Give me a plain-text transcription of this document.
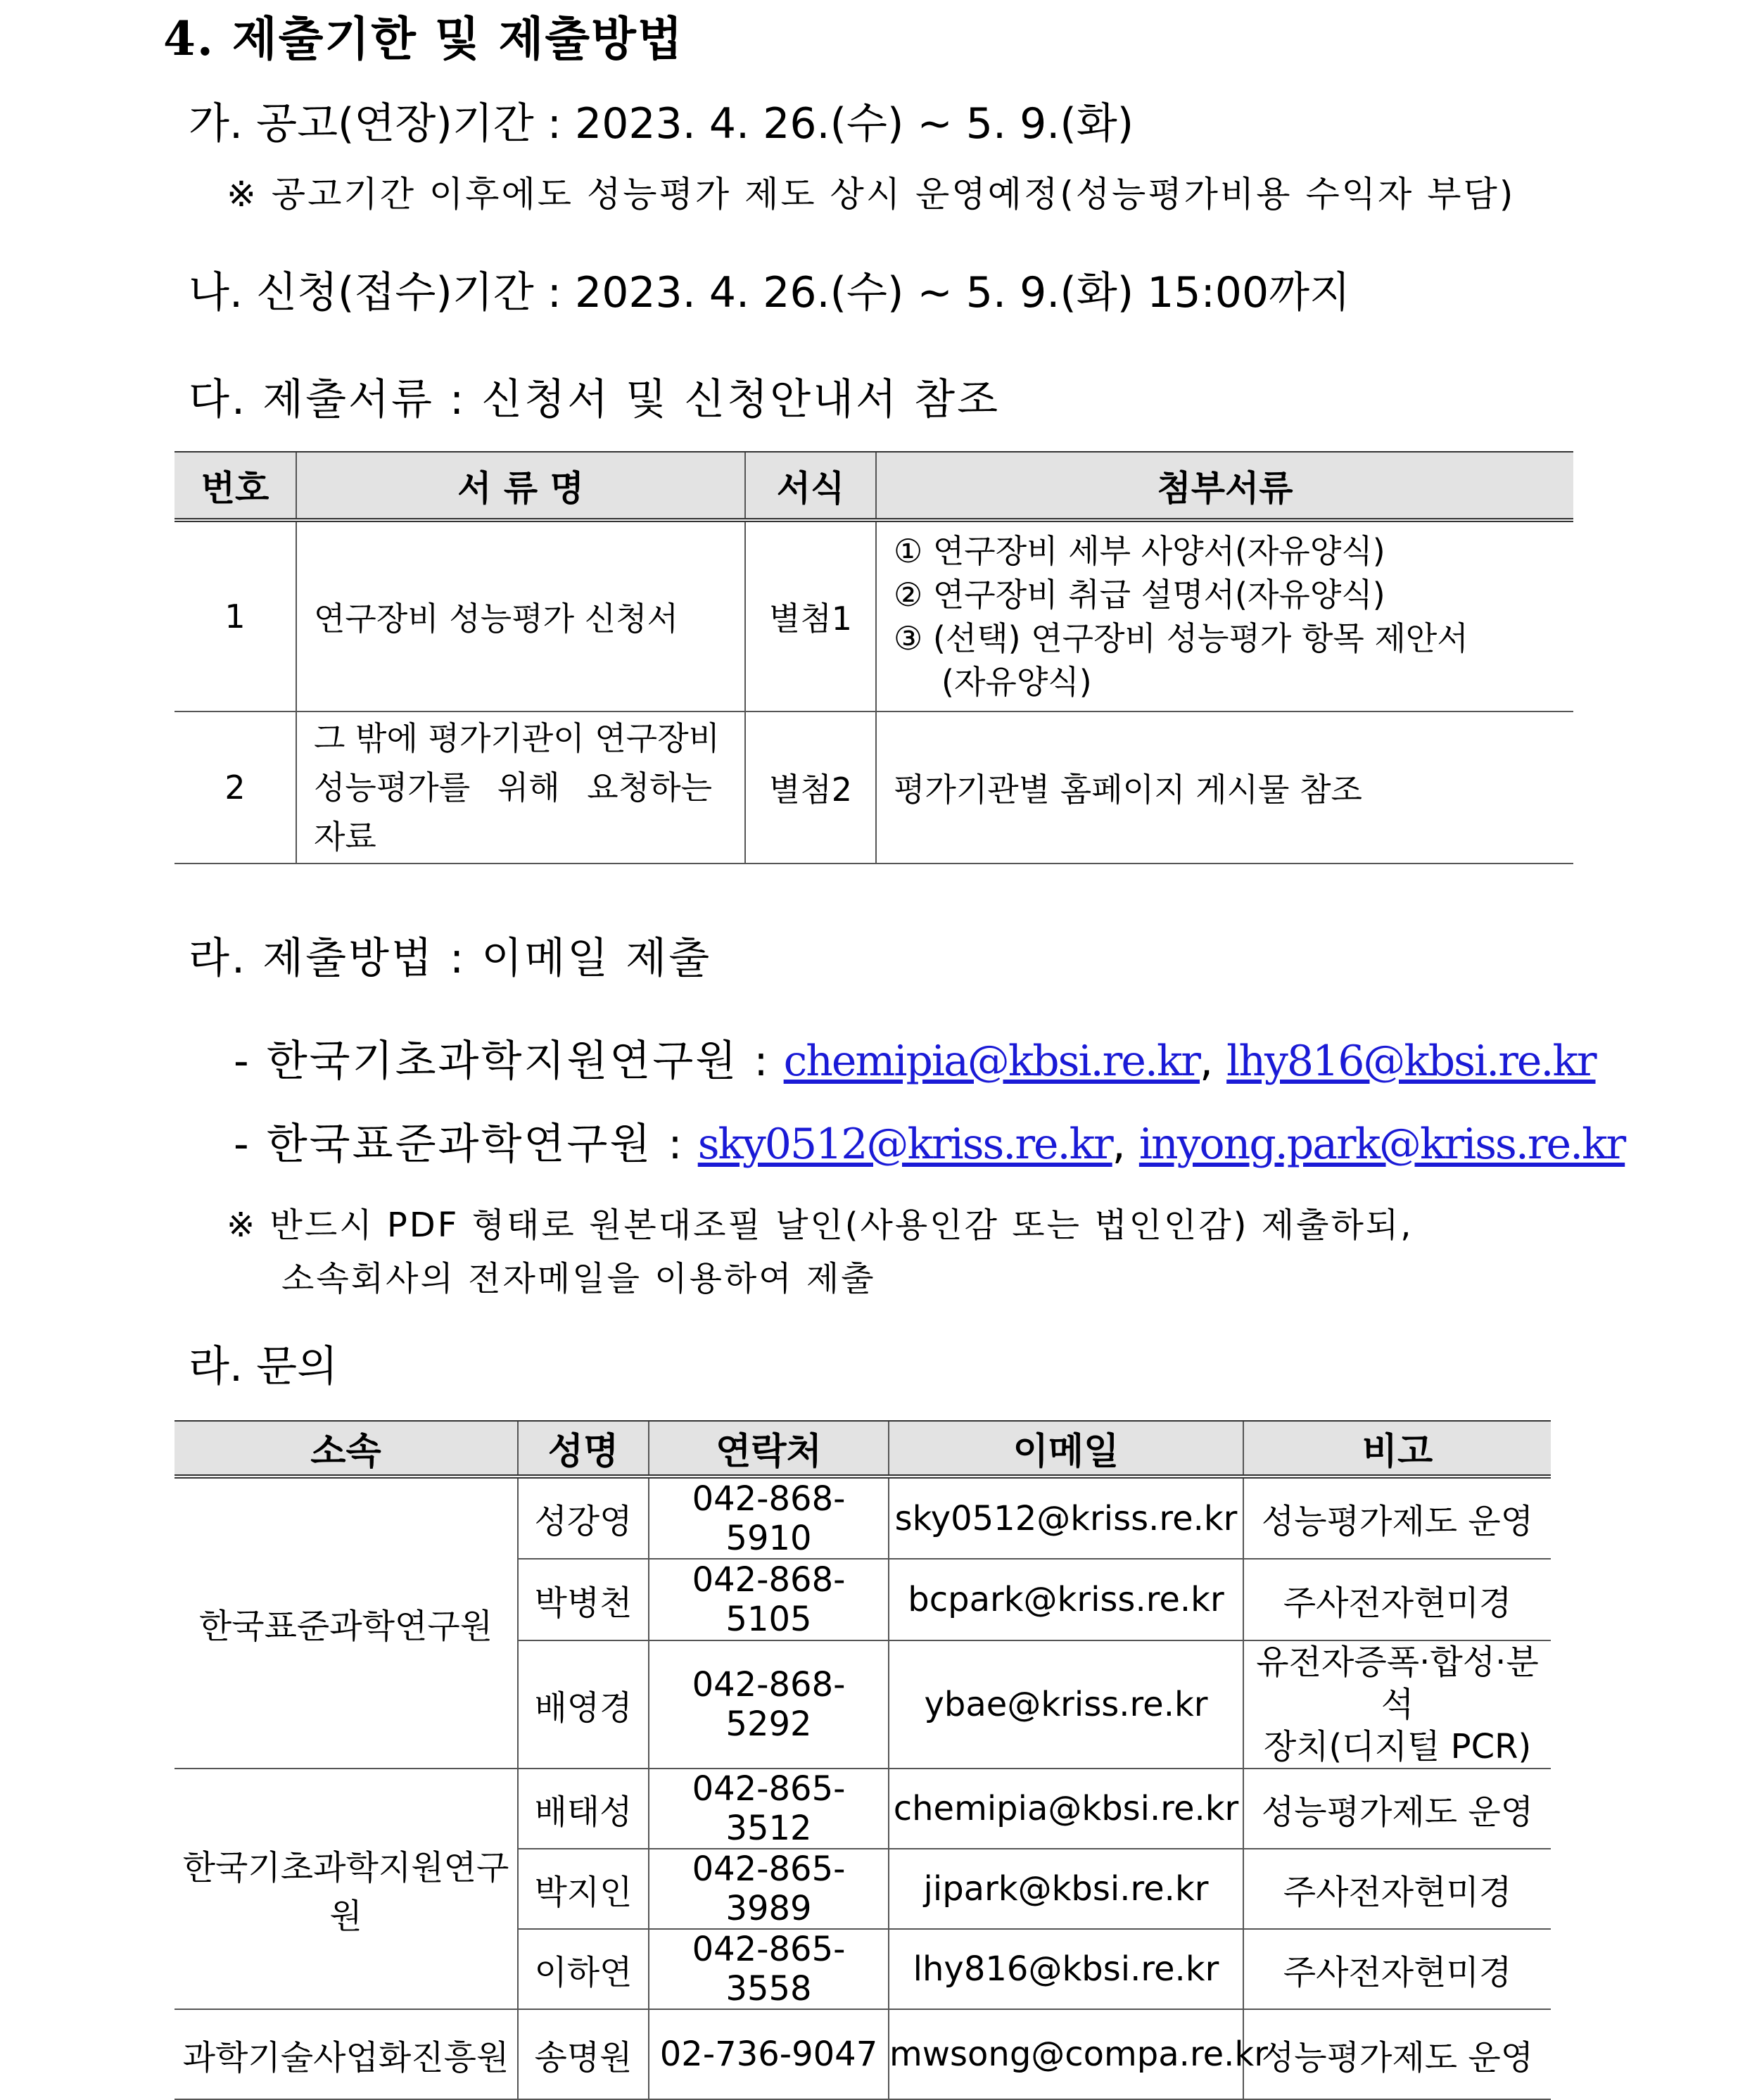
4. 제출기한 및 제출방법
가. 공고(연장)기간 : 2023. 4. 26.(수) ~ 5. 9.(화)
※ 공고기간 이후에도 성능평가 제도 상시 운영예정(성능평가비용 수익자 부담)
나. 신청(접수)기간 : 2023. 4. 26.(수) ~ 5. 9.(화) 15:00까지
다. 제출서류 : 신청서 및 신청안내서 참조
번호	서 류 명	서식	첨부서류
1	연구장비 성능평가 신청서	별첨1	① 연구장비 세부 사양서(자유양식)
② 연구장비 취급 설명서(자유양식)
③ (선택) 연구장비 성능평가 항목 제안서
(자유양식)

2	그 밖에 평가기관이 연구장비
성능평가를 위해 요청하는
자료	별첨2	평가기관별 홈페이지 게시물 참조
라. 제출방법 : 이메일 제출
- 한국기초과학지원연구원 : chemipia@kbsi.re.kr, lhy816@kbsi.re.kr
- 한국표준과학연구원 : sky0512@kriss.re.kr, inyong.park@kriss.re.kr
※ 반드시 PDF 형태로 원본대조필 날인(사용인감 또는 법인인감) 제출하되,
소속회사의 전자메일을 이용하여 제출
라. 문의
소속	성명	연락처	이메일	비고
한국표준과학연구원	성강영	042-868-5910	sky0512@kriss.re.kr	성능평가제도 운영
	박병천	042-868-5105	bcpark@kriss.re.kr	주사전자현미경
	배영경	042-868-5292	ybae@kriss.re.kr	유전자증폭·합성·분석
장치(디지털 PCR)

한국기초과학지원연구원	배태성	042-865-3512	chemipia@kbsi.re.kr	성능평가제도 운영
	박지인	042-865-3989	jipark@kbsi.re.kr	주사전자현미경
	이하연	042-865-3558	lhy816@kbsi.re.kr	주사전자현미경
과학기술사업화진흥원	송명원	02-736-9047	mwsong@compa.re.kr	성능평가제도 운영
